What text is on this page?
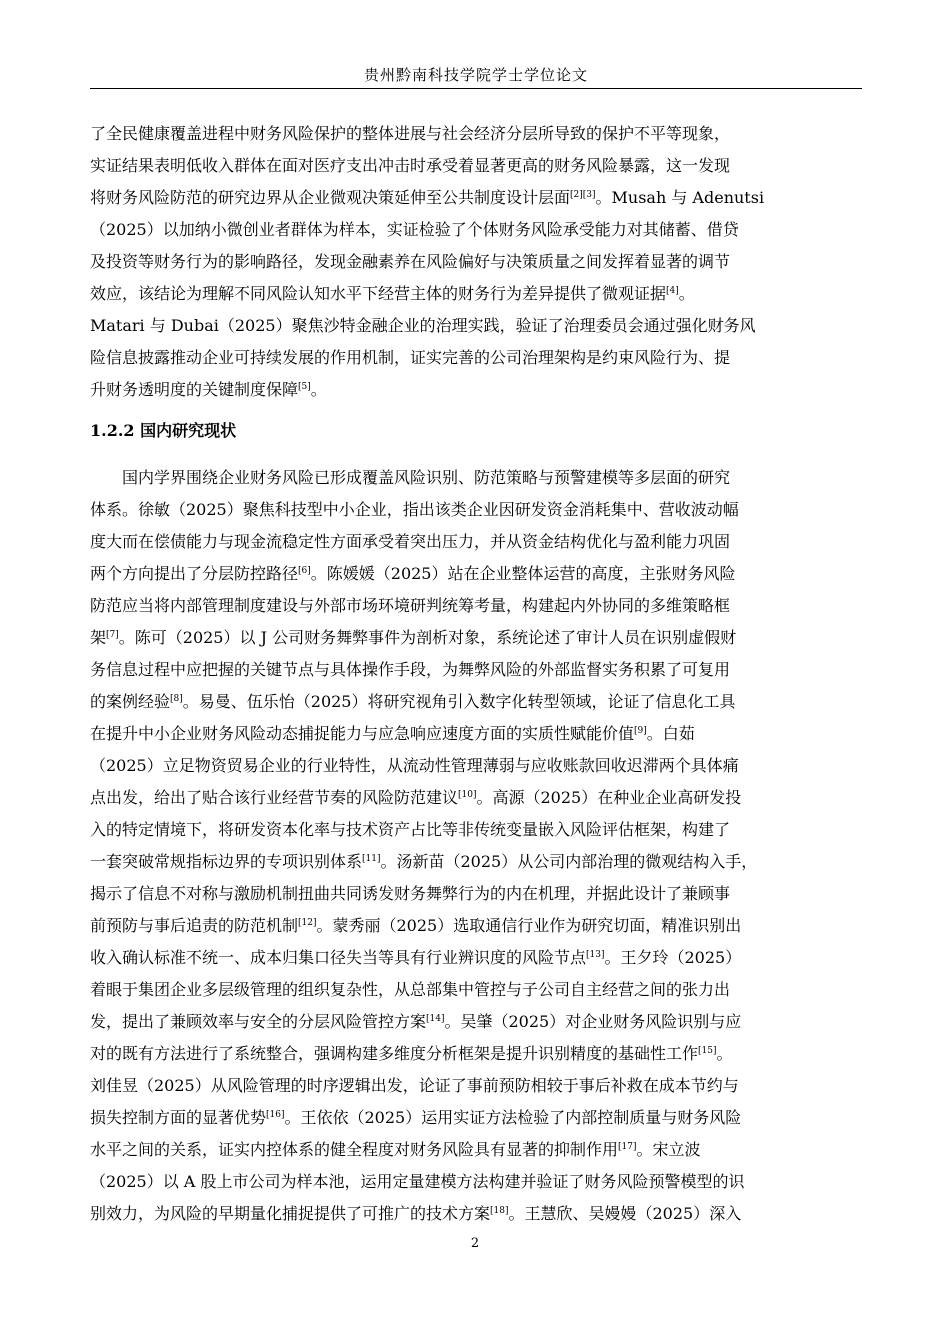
贵州黔南科技学院学士学位论文
了全民健康覆盖进程中财务风险保护的整体进展与社会经济分层所导致的保护不平等现象，
实证结果表明低收入群体在面对医疗支出冲击时承受着显著更高的财务风险暴露，这一发现
将财务风险防范的研究边界从企业微观决策延伸至公共制度设计层面[2][3]。Musah 与 Adenutsi
（2025）以加纳小微创业者群体为样本，实证检验了个体财务风险承受能力对其储蓄、借贷
及投资等财务行为的影响路径，发现金融素养在风险偏好与决策质量之间发挥着显著的调节
效应，该结论为理解不同风险认知水平下经营主体的财务行为差异提供了微观证据[4]。
Matari 与 Dubai（2025）聚焦沙特金融企业的治理实践，验证了治理委员会通过强化财务风
险信息披露推动企业可持续发展的作用机制，证实完善的公司治理架构是约束风险行为、提
升财务透明度的关键制度保障[5]。
1.2.2 国内研究现状
　　国内学界围绕企业财务风险已形成覆盖风险识别、防范策略与预警建模等多层面的研究
体系。徐敏（2025）聚焦科技型中小企业，指出该类企业因研发资金消耗集中、营收波动幅
度大而在偿债能力与现金流稳定性方面承受着突出压力，并从资金结构优化与盈利能力巩固
两个方向提出了分层防控路径[6]。陈媛媛（2025）站在企业整体运营的高度，主张财务风险
防范应当将内部管理制度建设与外部市场环境研判统筹考量，构建起内外协同的多维策略框
架[7]。陈可（2025）以 J 公司财务舞弊事件为剖析对象，系统论述了审计人员在识别虚假财
务信息过程中应把握的关键节点与具体操作手段，为舞弊风险的外部监督实务积累了可复用
的案例经验[8]。易曼、伍乐怡（2025）将研究视角引入数字化转型领域，论证了信息化工具
在提升中小企业财务风险动态捕捉能力与应急响应速度方面的实质性赋能价值[9]。白茹
（2025）立足物资贸易企业的行业特性，从流动性管理薄弱与应收账款回收迟滞两个具体痛
点出发，给出了贴合该行业经营节奏的风险防范建议[10]。高源（2025）在种业企业高研发投
入的特定情境下，将研发资本化率与技术资产占比等非传统变量嵌入风险评估框架，构建了
一套突破常规指标边界的专项识别体系[11]。汤新苗（2025）从公司内部治理的微观结构入手，
揭示了信息不对称与激励机制扭曲共同诱发财务舞弊行为的内在机理，并据此设计了兼顾事
前预防与事后追责的防范机制[12]。蒙秀丽（2025）选取通信行业作为研究切面，精准识别出
收入确认标准不统一、成本归集口径失当等具有行业辨识度的风险节点[13]。王夕玲（2025）
着眼于集团企业多层级管理的组织复杂性，从总部集中管控与子公司自主经营之间的张力出
发，提出了兼顾效率与安全的分层风险管控方案[14]。吴肇（2025）对企业财务风险识别与应
对的既有方法进行了系统整合，强调构建多维度分析框架是提升识别精度的基础性工作[15]。
刘佳昱（2025）从风险管理的时序逻辑出发，论证了事前预防相较于事后补救在成本节约与
损失控制方面的显著优势[16]。王依依（2025）运用实证方法检验了内部控制质量与财务风险
水平之间的关系，证实内控体系的健全程度对财务风险具有显著的抑制作用[17]。宋立波
（2025）以 A 股上市公司为样本池，运用定量建模方法构建并验证了财务风险预警模型的识
别效力，为风险的早期量化捕捉提供了可推广的技术方案[18]。王慧欣、吴嫚嫚（2025）深入
2
